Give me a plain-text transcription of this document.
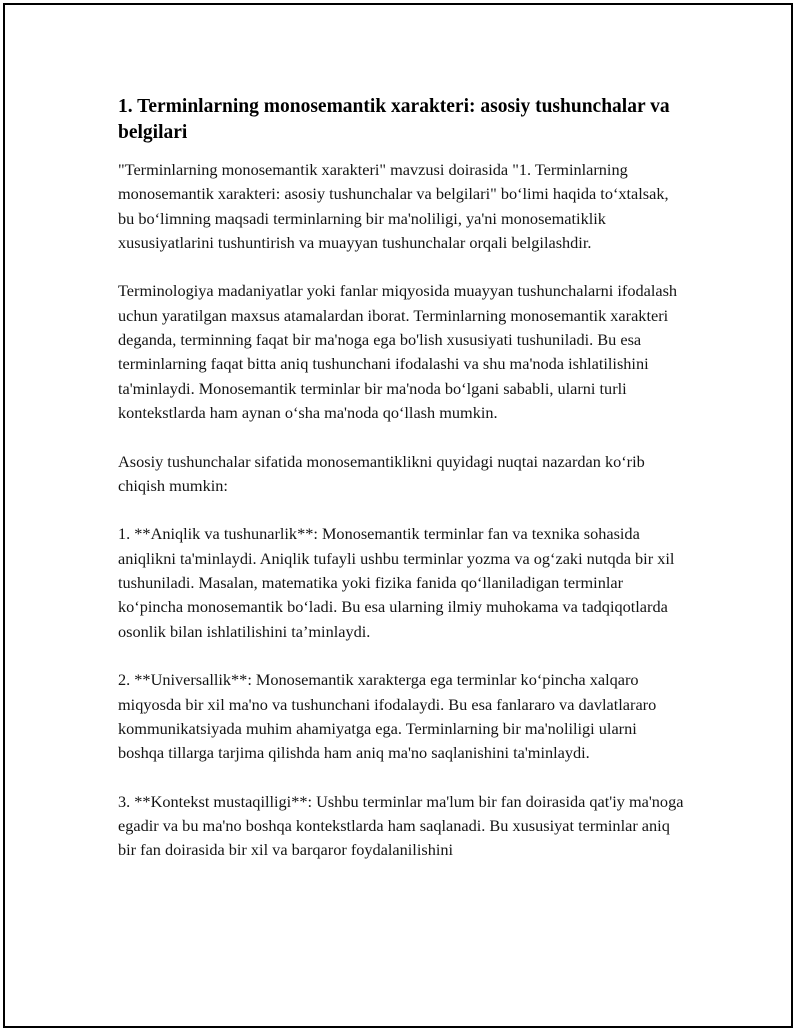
1. Terminlarning monosemantik xarakteri: asosiy tushunchalar va belgilari

"Terminlarning monosemantik xarakteri" mavzusi doirasida "1. Terminlarning monosemantik xarakteri: asosiy tushunchalar va belgilari" bo‘limi haqida to‘xtalsak, bu bo‘limning maqsadi terminlarning bir ma'noliligi, ya'ni monosematiklik xususiyatlarini tushuntirish va muayyan tushunchalar orqali belgilashdir.

Terminologiya madaniyatlar yoki fanlar miqyosida muayyan tushunchalarni ifodalash uchun yaratilgan maxsus atamalardan iborat. Terminlarning monosemantik xarakteri deganda, terminning faqat bir ma'noga ega bo'lish xususiyati tushuniladi. Bu esa terminlarning faqat bitta aniq tushunchani ifodalashi va shu ma'noda ishlatilishini ta'minlaydi. Monosemantik terminlar bir ma'noda bo‘lgani sababli, ularni turli kontekstlarda ham aynan o‘sha ma'noda qo‘llash mumkin.

Asosiy tushunchalar sifatida monosemantiklikni quyidagi nuqtai nazardan ko‘rib chiqish mumkin:

1. **Aniqlik va tushunarlik**: Monosemantik terminlar fan va texnika sohasida aniqlikni ta'minlaydi. Aniqlik tufayli ushbu terminlar yozma va og‘zaki nutqda bir xil tushuniladi. Masalan, matematika yoki fizika fanida qo‘llaniladigan terminlar ko‘pincha monosemantik bo‘ladi. Bu esa ularning ilmiy muhokama va tadqiqotlarda osonlik bilan ishlatilishini ta’minlaydi.

2. **Universallik**: Monosemantik xarakterga ega terminlar ko‘pincha xalqaro miqyosda bir xil ma'no va tushunchani ifodalaydi. Bu esa fanlararo va davlatlararo kommunikatsiyada muhim ahamiyatga ega. Terminlarning bir ma'noliligi ularni boshqa tillarga tarjima qilishda ham aniq ma'no saqlanishini ta'minlaydi.

3. **Kontekst mustaqilligi**: Ushbu terminlar ma'lum bir fan doirasida qat'iy ma'noga egadir va bu ma'no boshqa kontekstlarda ham saqlanadi. Bu xususiyat terminlar aniq bir fan doirasida bir xil va barqaror foydalanilishini
